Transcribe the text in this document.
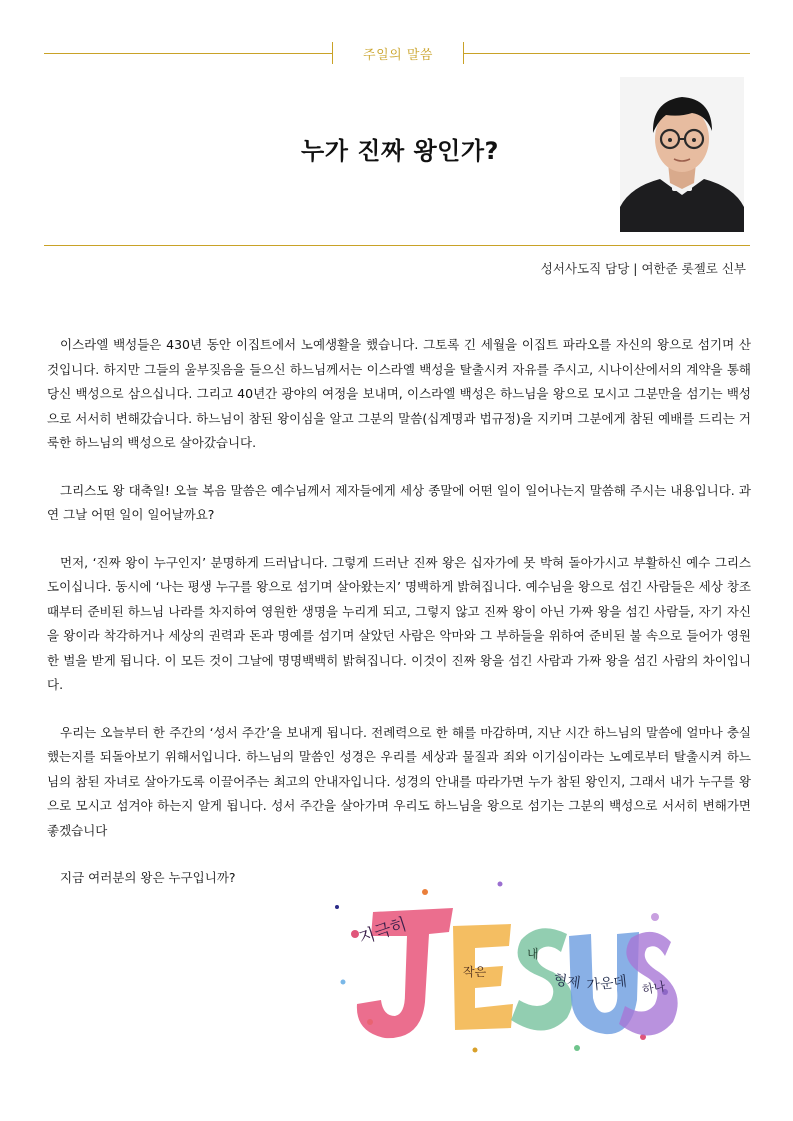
주일의 말씀
누가 진짜 왕인가?
성서사도직 담당 | 여한준 롯젤로 신부

이스라엘 백성들은 430년 동안 이집트에서 노예생활을 했습니다. 그토록 긴 세월을 이집트 파라오를 자신의 왕으로 섬기며 산 것입니다. 하지만 그들의 울부짖음을 들으신 하느님께서는 이스라엘 백성을 탈출시켜 자유를 주시고, 시나이산에서의 계약을 통해 당신 백성으로 삼으십니다. 그리고 40년간 광야의 여정을 보내며, 이스라엘 백성은 하느님을 왕으로 모시고 그분만을 섬기는 백성으로 서서히 변해갔습니다. 하느님이 참된 왕이심을 알고 그분의 말씀(십계명과 법규정)을 지키며 그분에게 참된 예배를 드리는 거룩한 하느님의 백성으로 살아갔습니다.

그리스도 왕 대축일! 오늘 복음 말씀은 예수님께서 제자들에게 세상 종말에 어떤 일이 일어나는지 말씀해 주시는 내용입니다. 과연 그날 어떤 일이 일어날까요?

먼저, ‘진짜 왕이 누구인지’ 분명하게 드러납니다. 그렇게 드러난 진짜 왕은 십자가에 못 박혀 돌아가시고 부활하신 예수 그리스도이십니다. 동시에 ‘나는 평생 누구를 왕으로 섬기며 살아왔는지’ 명백하게 밝혀집니다. 예수님을 왕으로 섬긴 사람들은 세상 창조 때부터 준비된 하느님 나라를 차지하여 영원한 생명을 누리게 되고, 그렇지 않고 진짜 왕이 아닌 가짜 왕을 섬긴 사람들, 자기 자신을 왕이라 착각하거나 세상의 권력과 돈과 명예를 섬기며 살았던 사람은 악마와 그 부하들을 위하여 준비된 불 속으로 들어가 영원한 벌을 받게 됩니다. 이 모든 것이 그날에 명명백백히 밝혀집니다. 이것이 진짜 왕을 섬긴 사람과 가짜 왕을 섬긴 사람의 차이입니다.

우리는 오늘부터 한 주간의 ‘성서 주간’을 보내게 됩니다. 전례력으로 한 해를 마감하며, 지난 시간 하느님의 말씀에 얼마나 충실했는지를 되돌아보기 위해서입니다. 하느님의 말씀인 성경은 우리를 세상과 물질과 죄와 이기심이라는 노예로부터 탈출시켜 하느님의 참된 자녀로 살아가도록 이끌어주는 최고의 안내자입니다. 성경의 안내를 따라가면 누가 참된 왕인지, 그래서 내가 누구를 왕으로 모시고 섬겨야 하는지 알게 됩니다. 성서 주간을 살아가며 우리도 하느님을 왕으로 섬기는 그분의 백성으로 서서히 변해가면 좋겠습니다

지금 여러분의 왕은 누구입니까?

지극히
작은
내
형제 가운데 하나
